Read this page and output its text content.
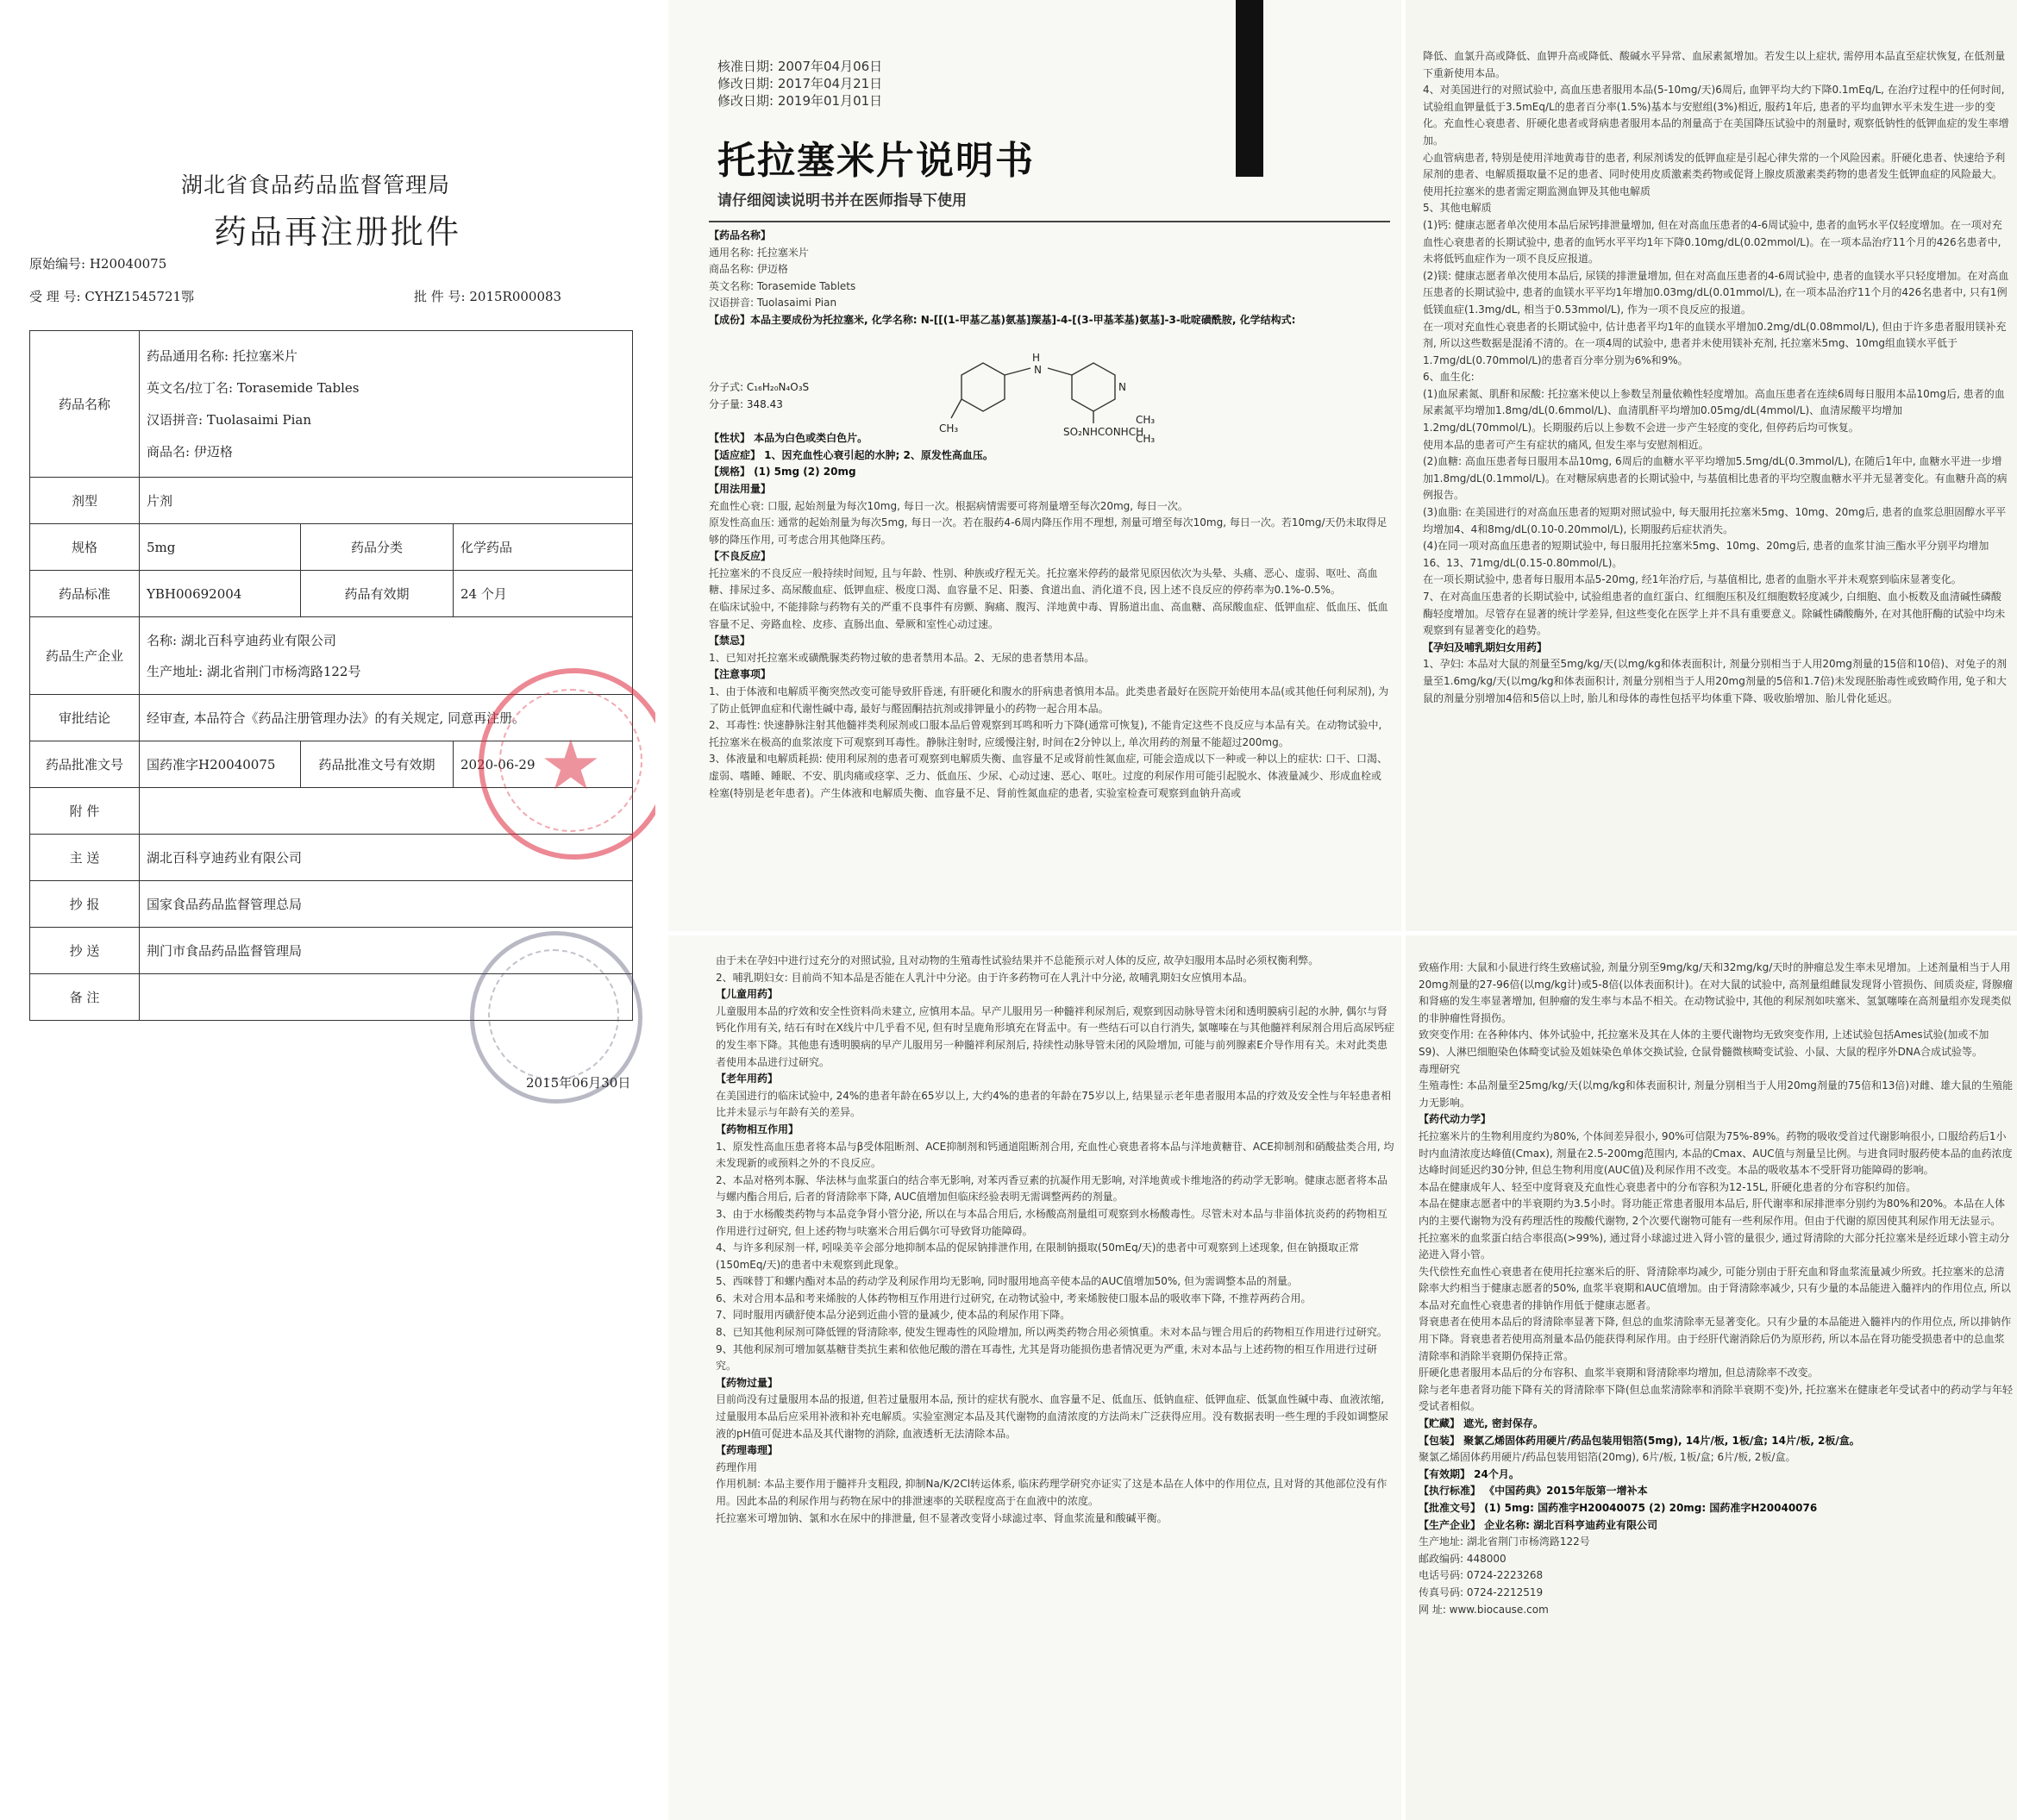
湖北省食品药品监督管理局
药品再注册批件
原始编号: H20040075
受 理 号: CYHZ1545721鄂	批 件 号: 2015R000083
药品名称	药品通用名称: 托拉塞米片
英文名/拉丁名: Torasemide Tables
汉语拼音: Tuolasaimi Pian
商品名: 伊迈格		

剂型	片剂		
规格	5mg	药品分类	化学药品
药品标准	YBH00692004	药品有效期	24 个月
药品生产企业	名称: 湖北百科亨迪药业有限公司
生产地址: 湖北省荆门市杨湾路122号		

审批结论	经审查, 本品符合《药品注册管理办法》的有关规定, 同意再注册。		
药品批准文号	国药准字H20040075	药品批准文号有效期	2020-06-29
附 件			
主 送	湖北百科亨迪药业有限公司		
抄 报	国家食品药品监督管理总局		
抄 送	荆门市食品药品监督管理局		
备 注			
★
2015年06月30日
核准日期: 2007年04月06日
修改日期: 2017年04月21日
修改日期: 2019年01月01日
托拉塞米片说明书
请仔细阅读说明书并在医师指导下使用
【药品名称】
通用名称: 托拉塞米片
商品名称: 伊迈格
英文名称: Torasemide Tablets
汉语拼音: Tuolasaimi Pian
【成份】本品主要成份为托拉塞米, 化学名称: N-[[(1-甲基乙基)氨基]羰基]-4-[(3-甲基苯基)氨基]-3-吡啶磺酰胺, 化学结构式:

【性状】 本品为白色或类白色片。
【适应症】 1、因充血性心衰引起的水肿; 2、原发性高血压。
【规格】 (1) 5mg (2) 20mg
【用法用量】
充血性心衰: 口服, 起始剂量为每次10mg, 每日一次。根据病情需要可将剂量增至每次20mg, 每日一次。
原发性高血压: 通常的起始剂量为每次5mg, 每日一次。若在服药4-6周内降压作用不理想, 剂量可增至每次10mg, 每日一次。若10mg/天仍未取得足够的降压作用, 可考虑合用其他降压药。
【不良反应】
托拉塞米的不良反应一般持续时间短, 且与年龄、性别、种族或疗程无关。托拉塞米停药的最常见原因依次为头晕、头痛、恶心、虚弱、呕吐、高血糖、排尿过多、高尿酸血症、低钾血症、极度口渴、血容量不足、阳萎、食道出血、消化道不良, 因上述不良反应的停药率为0.1%-0.5%。
在临床试验中, 不能排除与药物有关的严重不良事件有房颤、胸痛、腹泻、洋地黄中毒、胃肠道出血、高血糖、高尿酸血症、低钾血症、低血压、低血容量不足、旁路血栓、皮疹、直肠出血、晕厥和室性心动过速。
【禁忌】
1、已知对托拉塞米或磺酰脲类药物过敏的患者禁用本品。2、无尿的患者禁用本品。
【注意事项】
1、由于体液和电解质平衡突然改变可能导致肝昏迷, 有肝硬化和腹水的肝病患者慎用本品。此类患者最好在医院开始使用本品(或其他任何利尿剂), 为了防止低钾血症和代谢性碱中毒, 最好与醛固酮拮抗剂或排钾量小的药物一起合用本品。
2、耳毒性: 快速静脉注射其他髓袢类利尿剂或口服本品后曾观察到耳鸣和听力下降(通常可恢复), 不能肯定这些不良反应与本品有关。在动物试验中, 托拉塞米在极高的血浆浓度下可观察到耳毒性。静脉注射时, 应缓慢注射, 时间在2分钟以上, 单次用药的剂量不能超过200mg。
3、体液量和电解质耗损: 使用利尿剂的患者可观察到电解质失衡、血容量不足或肾前性氮血症, 可能会造成以下一种或一种以上的症状: 口干、口渴、虚弱、嗜睡、睡眠、不安、肌肉痛或痉挛、乏力、低血压、少尿、心动过速、恶心、呕吐。过度的利尿作用可能引起脱水、体液量减少、形成血栓或栓塞(特别是老年患者)。产生体液和电解质失衡、血容量不足、肾前性氮血症的患者, 实验室检查可观察到血钠升高或
H
N
CH₃
N
SO₂NHCONHCH
CH₃
CH₃
分子式: C₁₆H₂₀N₄O₃S
分子量: 348.43
降低、血氯升高或降低、血钾升高或降低、酸碱水平异常、血尿素氮增加。若发生以上症状, 需停用本品直至症状恢复, 在低剂量下重新使用本品。
4、对美国进行的对照试验中, 高血压患者服用本品(5-10mg/天)6周后, 血钾平均大约下降0.1mEq/L, 在治疗过程中的任何时间, 试验组血钾量低于3.5mEq/L的患者百分率(1.5%)基本与安慰组(3%)相近, 服药1年后, 患者的平均血钾水平未发生进一步的变化。充血性心衰患者、肝硬化患者或肾病患者服用本品的剂量高于在美国降压试验中的剂量时, 观察低钠性的低钾血症的发生率增加。
心血管病患者, 特别是使用洋地黄毒苷的患者, 利尿剂诱发的低钾血症是引起心律失常的一个风险因素。肝硬化患者、快速给予利尿剂的患者、电解质摄取量不足的患者、同时使用皮质激素类药物或促肾上腺皮质激素类药物的患者发生低钾血症的风险最大。
使用托拉塞米的患者需定期监测血钾及其他电解质
5、其他电解质
(1)钙: 健康志愿者单次使用本品后尿钙排泄量增加, 但在对高血压患者的4-6周试验中, 患者的血钙水平仅轻度增加。在一项对充血性心衰患者的长期试验中, 患者的血钙水平平均1年下降0.10mg/dL(0.02mmol/L)。在一项本品治疗11个月的426名患者中, 未将低钙血症作为一项不良反应报道。
(2)镁: 健康志愿者单次使用本品后, 尿镁的排泄量增加, 但在对高血压患者的4-6周试验中, 患者的血镁水平只轻度增加。在对高血压患者的长期试验中, 患者的血镁水平平均1年增加0.03mg/dL(0.01mmol/L), 在一项本品治疗11个月的426名患者中, 只有1例低镁血症(1.3mg/dL, 相当于0.53mmol/L), 作为一项不良反应的报道。
在一项对充血性心衰患者的长期试验中, 估计患者平均1年的血镁水平增加0.2mg/dL(0.08mmol/L), 但由于许多患者服用镁补充剂, 所以这些数据是混淆不清的。在一项4周的试验中, 患者并未使用镁补充剂, 托拉塞米5mg、10mg组血镁水平低于1.7mg/dL(0.70mmol/L)的患者百分率分别为6%和9%。
6、血生化:
(1)血尿素氮、肌酐和尿酸: 托拉塞米使以上参数呈剂量依赖性轻度增加。高血压患者在连续6周每日服用本品10mg后, 患者的血尿素氮平均增加1.8mg/dL(0.6mmol/L)、血清肌酐平均增加0.05mg/dL(4mmol/L)、血清尿酸平均增加1.2mg/dL(70mmol/L)。长期服药后以上参数不会进一步产生轻度的变化, 但停药后均可恢复。
使用本品的患者可产生有症状的痛风, 但发生率与安慰剂相近。
(2)血糖: 高血压患者每日服用本品10mg, 6周后的血糖水平平均增加5.5mg/dL(0.3mmol/L), 在随后1年中, 血糖水平进一步增加1.8mg/dL(0.1mmol/L)。在对糖尿病患者的长期试验中, 与基值相比患者的平均空腹血糖水平并无显著变化。有血糖升高的病例报告。
(3)血脂: 在美国进行的对高血压患者的短期对照试验中, 每天服用托拉塞米5mg、10mg、20mg后, 患者的血浆总胆固醇水平平均增加4、4和8mg/dL(0.10-0.20mmol/L), 长期服药后症状消失。
(4)在同一项对高血压患者的短期试验中, 每日服用托拉塞米5mg、10mg、20mg后, 患者的血浆甘油三酯水平分别平均增加16、13、71mg/dL(0.15-0.80mmol/L)。
在一项长期试验中, 患者每日服用本品5-20mg, 经1年治疗后, 与基值相比, 患者的血脂水平并未观察到临床显著变化。
7、在对高血压患者的长期试验中, 试验组患者的血红蛋白、红细胞压积及红细胞数轻度减少, 白细胞、血小板数及血清碱性磷酸酶轻度增加。尽管存在显著的统计学差异, 但这些变化在医学上并不具有重要意义。除碱性磷酸酶外, 在对其他肝酶的试验中均未观察到有显著变化的趋势。
【孕妇及哺乳期妇女用药】
1、孕妇: 本品对大鼠的剂量至5mg/kg/天(以mg/kg和体表面积计, 剂量分别相当于人用20mg剂量的15倍和10倍)、对兔子的剂量至1.6mg/kg/天(以mg/kg和体表面积计, 剂量分别相当于人用20mg剂量的5倍和1.7倍)未发现胚胎毒性或致畸作用, 兔子和大鼠的剂量分别增加4倍和5倍以上时, 胎儿和母体的毒性包括平均体重下降、吸收胎增加、胎儿骨化延迟。
由于未在孕妇中进行过充分的对照试验, 且对动物的生殖毒性试验结果并不总能预示对人体的反应, 故孕妇服用本品时必须权衡利弊。
2、哺乳期妇女: 目前尚不知本品是否能在人乳汁中分泌。由于许多药物可在人乳汁中分泌, 故哺乳期妇女应慎用本品。
【儿童用药】
儿童服用本品的疗效和安全性资料尚未建立, 应慎用本品。早产儿服用另一种髓袢利尿剂后, 观察到因动脉导管未闭和透明膜病引起的水肿, 偶尔与肾钙化作用有关, 结石有时在X线片中几乎看不见, 但有时呈鹿角形填充在肾盂中。有一些结石可以自行消失, 氯噻嗪在与其他髓袢利尿剂合用后高尿钙症的发生率下降。其他患有透明膜病的早产儿服用另一种髓袢利尿剂后, 持续性动脉导管未闭的风险增加, 可能与前列腺素E介导作用有关。未对此类患者使用本品进行过研究。
【老年用药】
在美国进行的临床试验中, 24%的患者年龄在65岁以上, 大约4%的患者的年龄在75岁以上, 结果显示老年患者服用本品的疗效及安全性与年轻患者相比并未显示与年龄有关的差异。
【药物相互作用】
1、原发性高血压患者将本品与β受体阻断剂、ACE抑制剂和钙通道阻断剂合用, 充血性心衰患者将本品与洋地黄糖苷、ACE抑制剂和硝酸盐类合用, 均未发现新的或预料之外的不良反应。
2、本品对格列本脲、华法林与血浆蛋白的结合率无影响, 对苯丙香豆素的抗凝作用无影响, 对洋地黄或卡维地洛的药动学无影响。健康志愿者将本品与螺内酯合用后, 后者的肾清除率下降, AUC值增加但临床经验表明无需调整两药的剂量。
3、由于水杨酸类药物与本品竞争肾小管分泌, 所以在与本品合用后, 水杨酸高剂量组可观察到水杨酸毒性。尽管未对本品与非甾体抗炎药的药物相互作用进行过研究, 但上述药物与呋塞米合用后偶尔可导致肾功能障碍。
4、与许多利尿剂一样, 吲哚美辛会部分地抑制本品的促尿钠排泄作用, 在限制钠摄取(50mEq/天)的患者中可观察到上述现象, 但在钠摄取正常(150mEq/天)的患者中未观察到此现象。
5、西咪替丁和螺内酯对本品的药动学及利尿作用均无影响, 同时服用地高辛使本品的AUC值增加50%, 但为需调整本品的剂量。
6、未对合用本品和考来烯胺的人体药物相互作用进行过研究, 在动物试验中, 考来烯胺使口服本品的吸收率下降, 不推荐两药合用。
7、同时服用丙磺舒使本品分泌到近曲小管的量减少, 使本品的利尿作用下降。
8、已知其他利尿剂可降低锂的肾清除率, 使发生锂毒性的风险增加, 所以两类药物合用必须慎重。未对本品与锂合用后的药物相互作用进行过研究。
9、其他利尿剂可增加氨基糖苷类抗生素和依他尼酸的潜在耳毒性, 尤其是肾功能损伤患者情况更为严重, 未对本品与上述药物的相互作用进行过研究。
【药物过量】
目前尚没有过量服用本品的报道, 但若过量服用本品, 预计的症状有脱水、血容量不足、低血压、低钠血症、低钾血症、低氯血性碱中毒、血液浓缩, 过量服用本品后应采用补液和补充电解质。实验室测定本品及其代谢物的血清浓度的方法尚未广泛获得应用。没有数据表明一些生理的手段如调整尿液的pH值可促进本品及其代谢物的消除, 血液透析无法清除本品。
【药理毒理】
药理作用
作用机制: 本品主要作用于髓袢升支粗段, 抑制Na/K/2Cl转运体系, 临床药理学研究亦证实了这是本品在人体中的作用位点, 且对肾的其他部位没有作用。因此本品的利尿作用与药物在尿中的排泄速率的关联程度高于在血液中的浓度。
托拉塞米可增加钠、氯和水在尿中的排泄量, 但不显著改变肾小球滤过率、肾血浆流量和酸碱平衡。
致癌作用: 大鼠和小鼠进行终生致癌试验, 剂量分别至9mg/kg/天和32mg/kg/天时的肿瘤总发生率未见增加。上述剂量相当于人用20mg剂量的27-96倍(以mg/kg计)或5-8倍(以体表面积计)。在对大鼠的试验中, 高剂量组雌鼠发现肾小管损伤、间质炎症, 肾腺瘤和肾癌的发生率显著增加, 但肿瘤的发生率与本品不相关。在动物试验中, 其他的利尿剂如呋塞米、氢氯噻嗪在高剂量组亦发现类似的非肿瘤性肾损伤。
致突变作用: 在各种体内、体外试验中, 托拉塞米及其在人体的主要代谢物均无致突变作用, 上述试验包括Ames试验(加或不加S9)、人淋巴细胞染色体畸变试验及姐妹染色单体交换试验, 仓鼠骨髓微核畸变试验、小鼠、大鼠的程序外DNA合成试验等。
毒理研究
生殖毒性: 本品剂量至25mg/kg/天(以mg/kg和体表面积计, 剂量分别相当于人用20mg剂量的75倍和13倍)对雌、雄大鼠的生殖能力无影响。
【药代动力学】
托拉塞米片的生物利用度约为80%, 个体间差异很小, 90%可信限为75%-89%。药物的吸收受首过代谢影响很小, 口服给药后1小时内血清浓度达峰值(Cmax), 剂量在2.5-200mg范围内, 本品的Cmax、AUC值与剂量呈比例。与进食同时服药使本品的血药浓度达峰时间延迟约30分钟, 但总生物利用度(AUC值)及利尿作用不改变。本品的吸收基本不受肝肾功能障碍的影响。
本品在健康成年人、轻至中度肾衰及充血性心衰患者中的分布容积为12-15L, 肝硬化患者的分布容积约加倍。
本品在健康志愿者中的半衰期约为3.5小时。肾功能正常患者服用本品后, 肝代谢率和尿排泄率分别约为80%和20%。本品在人体内的主要代谢物为没有药理活性的羧酸代谢物, 2个次要代谢物可能有一些利尿作用。但由于代谢的原因使其利尿作用无法显示。
托拉塞米的血浆蛋白结合率很高(>99%), 通过肾小球滤过进入肾小管的量很少, 通过肾清除的大部分托拉塞米是经近球小管主动分泌进入肾小管。
失代偿性充血性心衰患者在使用托拉塞米后的肝、肾清除率均减少, 可能分别由于肝充血和肾血浆流量减少所致。托拉塞米的总清除率大约相当于健康志愿者的50%, 血浆半衰期和AUC值增加。由于肾清除率减少, 只有少量的本品能进入髓袢内的作用位点, 所以本品对充血性心衰患者的排钠作用低于健康志愿者。
肾衰患者在使用本品后的肾清除率显著下降, 但总的血浆清除率无显著变化。只有少量的本品能进入髓袢内的作用位点, 所以排钠作用下降。肾衰患者若使用高剂量本品仍能获得利尿作用。由于经肝代谢消除后仍为原形药, 所以本品在肾功能受损患者中的总血浆清除率和消除半衰期仍保持正常。
肝硬化患者服用本品后的分布容积、血浆半衰期和肾清除率均增加, 但总清除率不改变。
除与老年患者肾功能下降有关的肾清除率下降(但总血浆清除率和消除半衰期不变)外, 托拉塞米在健康老年受试者中的药动学与年轻受试者相似。
【贮藏】 遮光, 密封保存。
【包装】 聚氯乙烯固体药用硬片/药品包装用铝箔(5mg), 14片/板, 1板/盒; 14片/板, 2板/盒。
聚氯乙烯固体药用硬片/药品包装用铝箔(20mg), 6片/板, 1板/盒; 6片/板, 2板/盒。
【有效期】 24个月。
【执行标准】 《中国药典》2015年版第一增补本
【批准文号】 (1) 5mg: 国药准字H20040075 (2) 20mg: 国药准字H20040076
【生产企业】 企业名称: 湖北百科亨迪药业有限公司
生产地址: 湖北省荆门市杨湾路122号
邮政编码: 448000
电话号码: 0724-2223268
传真号码: 0724-2212519
网 址: www.biocause.com
